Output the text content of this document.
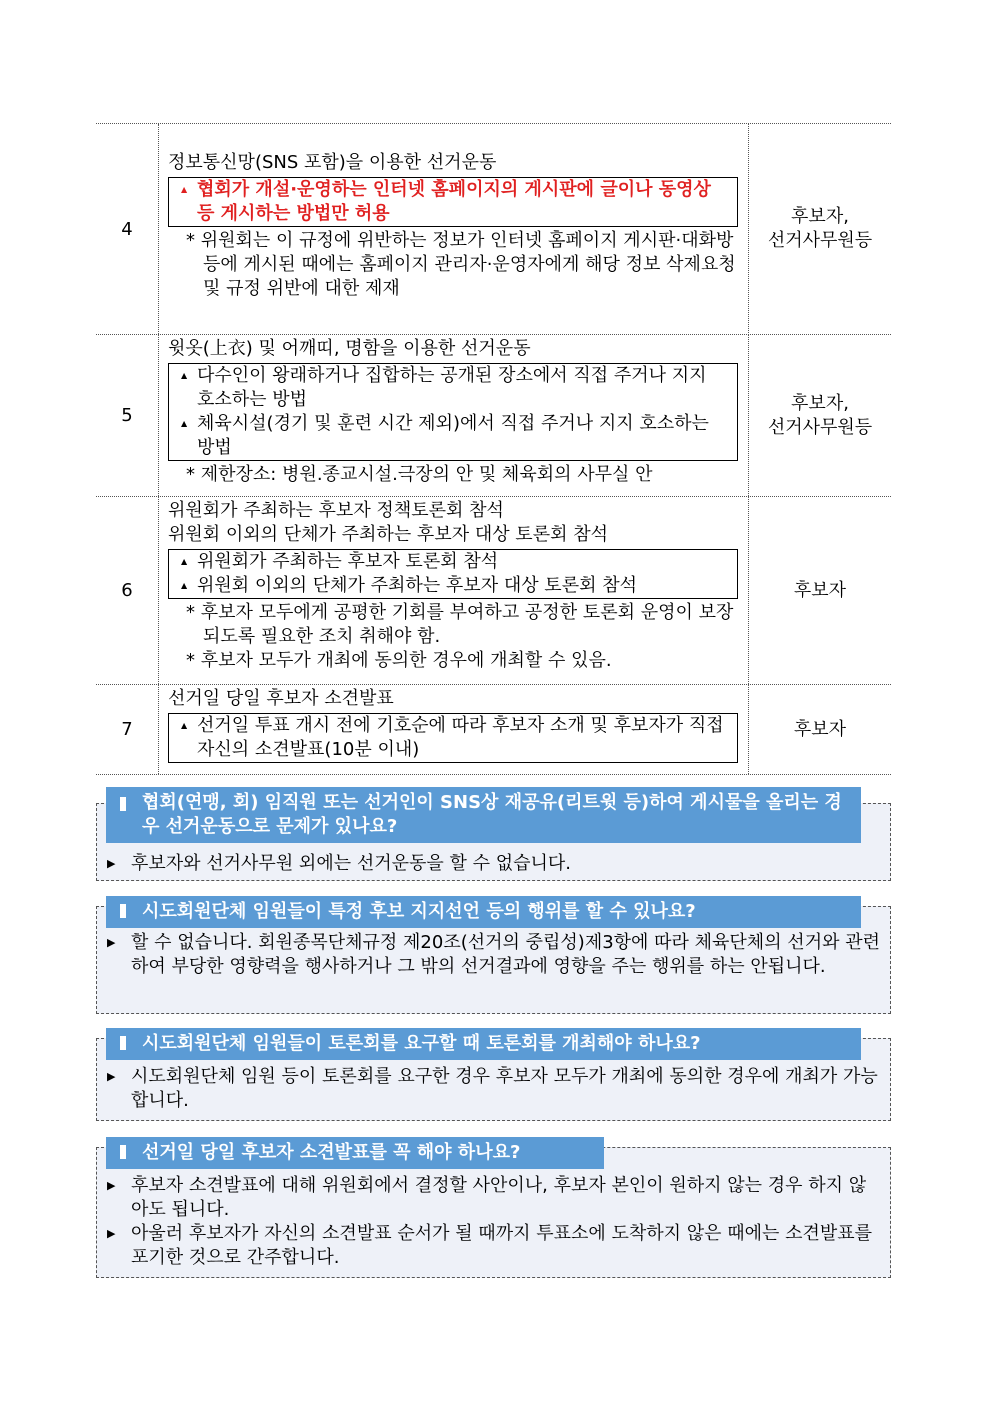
4
정보통신망(SNS 포함)을 이용한 선거운동
▲ 협회가 개설·운영하는 인터넷 홈페이지의 게시판에 글이나 동영상 등 게시하는 방법만 허용
* 위원회는 이 규정에 위반하는 정보가 인터넷 홈페이지 게시판·대화방 등에 게시된 때에는 홈페이지 관리자·운영자에게 해당 정보 삭제요청 및 규정 위반에 대한 제재
후보자,
선거사무원등
5
윗옷(上衣) 및 어깨띠, 명함을 이용한 선거운동
▲ 다수인이 왕래하거나 집합하는 공개된 장소에서 직접 주거나 지지 호소하는 방법
▲ 체육시설(경기 및 훈련 시간 제외)에서 직접 주거나 지지 호소하는 방법
* 제한장소: 병원.종교시설.극장의 안 및 체육회의 사무실 안
후보자,
선거사무원등
6
위원회가 주최하는 후보자 정책토론회 참석
위원회 이외의 단체가 주최하는 후보자 대상 토론회 참석
▲ 위원회가 주최하는 후보자 토론회 참석
▲ 위원회 이외의 단체가 주최하는 후보자 대상 토론회 참석
* 후보자 모두에게 공평한 기회를 부여하고 공정한 토론회 운영이 보장되도록 필요한 조치 취해야 함.
* 후보자 모두가 개최에 동의한 경우에 개최할 수 있음.
후보자
7
선거일 당일 후보자 소견발표
▲ 선거일 투표 개시 전에 기호순에 따라 후보자 소개 및 후보자가 직접 자신의 소견발표(10분 이내)
후보자
▶ 후보자와 선거사무원 외에는 선거운동을 할 수 없습니다.
협회(연맹, 회) 임직원 또는 선거인이 SNS상 재공유(리트윗 등)하여 게시물을 올리는 경우 선거운동으로 문제가 있나요?
▶ 할 수 없습니다. 회원종목단체규정 제20조(선거의 중립성)제3항에 따라 체육단체의 선거와 관련하여 부당한 영향력을 행사하거나 그 밖의 선거결과에 영향을 주는 행위를 하는 안됩니다.
시도회원단체 임원들이 특정 후보 지지선언 등의 행위를 할 수 있나요?
▶ 시도회원단체 임원 등이 토론회를 요구한 경우 후보자 모두가 개최에 동의한 경우에 개최가 가능합니다.
시도회원단체 임원들이 토론회를 요구할 때 토론회를 개최해야 하나요?
▶ 후보자 소견발표에 대해 위원회에서 결정할 사안이나, 후보자 본인이 원하지 않는 경우 하지 않아도 됩니다.
▶ 아울러 후보자가 자신의 소견발표 순서가 될 때까지 투표소에 도착하지 않은 때에는 소견발표를 포기한 것으로 간주합니다.
선거일 당일 후보자 소견발표를 꼭 해야 하나요?
